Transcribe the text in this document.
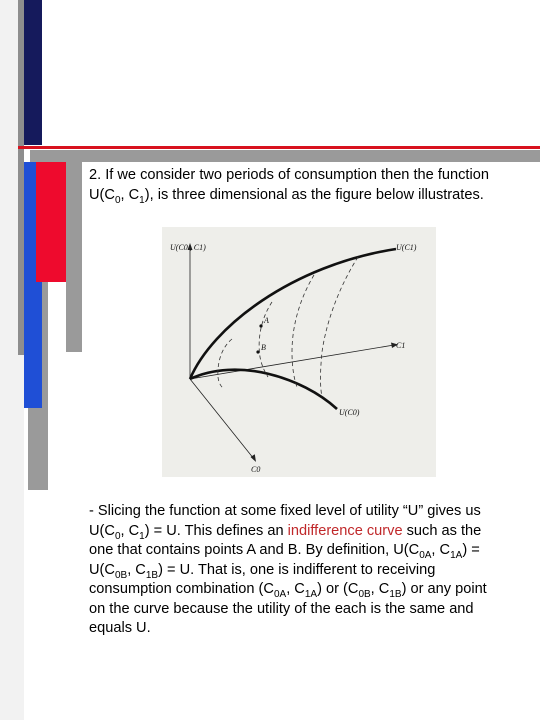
2. If we consider two periods of consumption then the function
$U(C_0$, $C_1$), is three dimensional as the figure below illustrates.
U(C0 , C1)	U(C1)
U(C0)
C1
C0
A
B
- Slicing the function at some fixed level of utility “U” gives us
$U(C_0$, $C_1) = U$. This defines an indifference curve such as the
one that contains points A and B. By definition, $U(C_{0A}$, $C_{1A}$) =
$U(C_{0B}$, $C_{1B}) = U$. That is, one is indifferent to receiving
consumption combination ($C_{0A}$, $C_{1A}$) or ($C_{0B}$, $C_{1B}$) or any point
on the curve because the utility of the each is the same and
equals U.
